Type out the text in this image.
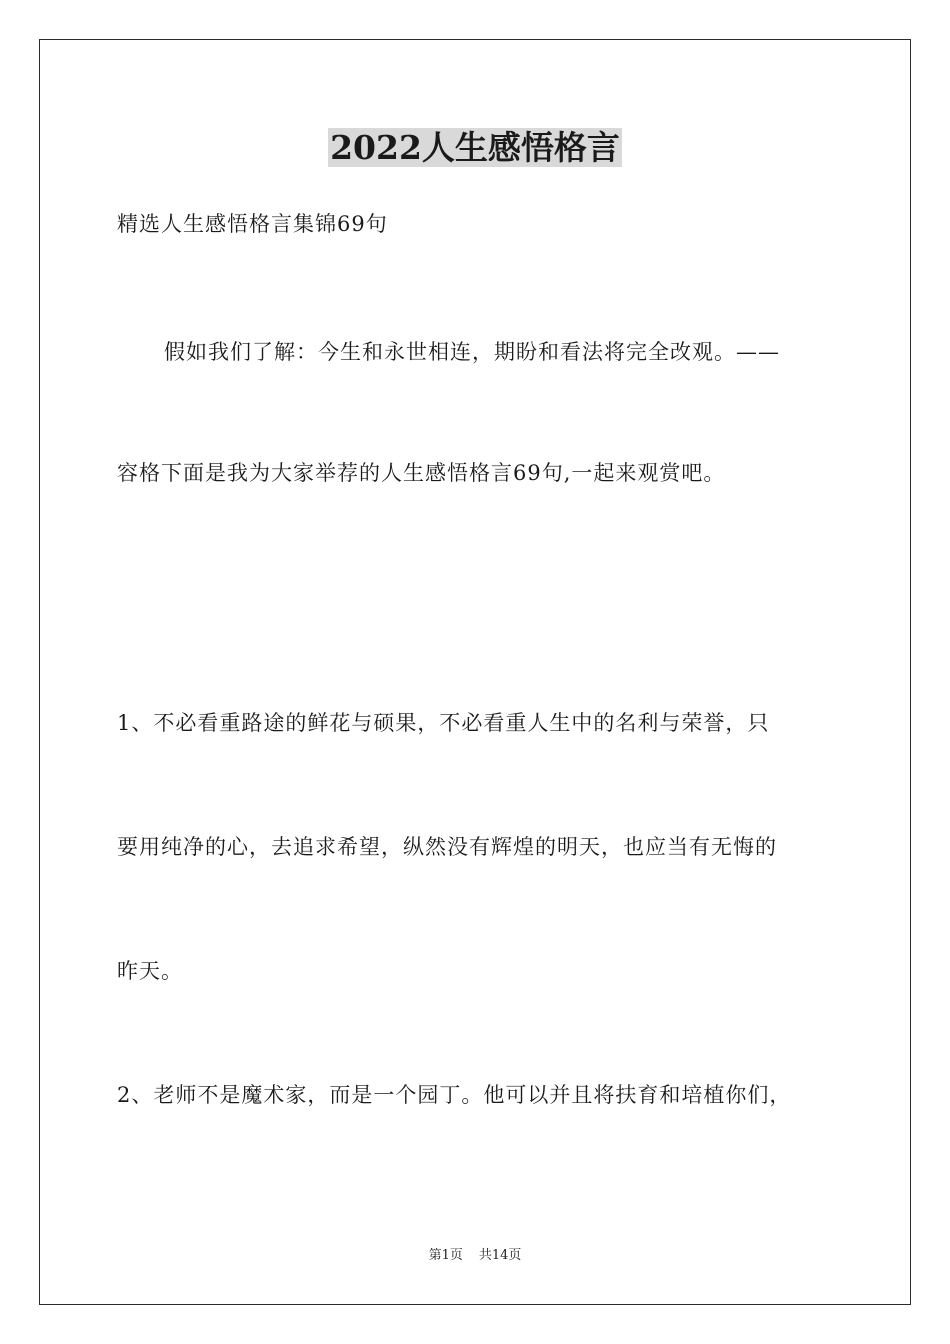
2022人生感悟格言
精选人生感悟格言集锦69句
假如我们了解：今生和永世相连，期盼和看法将完全改观。——
容格下面是我为大家举荐的人生感悟格言69句,一起来观赏吧。
1、不必看重路途的鲜花与硕果，不必看重人生中的名利与荣誉，只
要用纯净的心，去追求希望，纵然没有辉煌的明天，也应当有无悔的
昨天。
2、老师不是魔术家，而是一个园丁。他可以并且将扶育和培植你们，
第1页 共14页
